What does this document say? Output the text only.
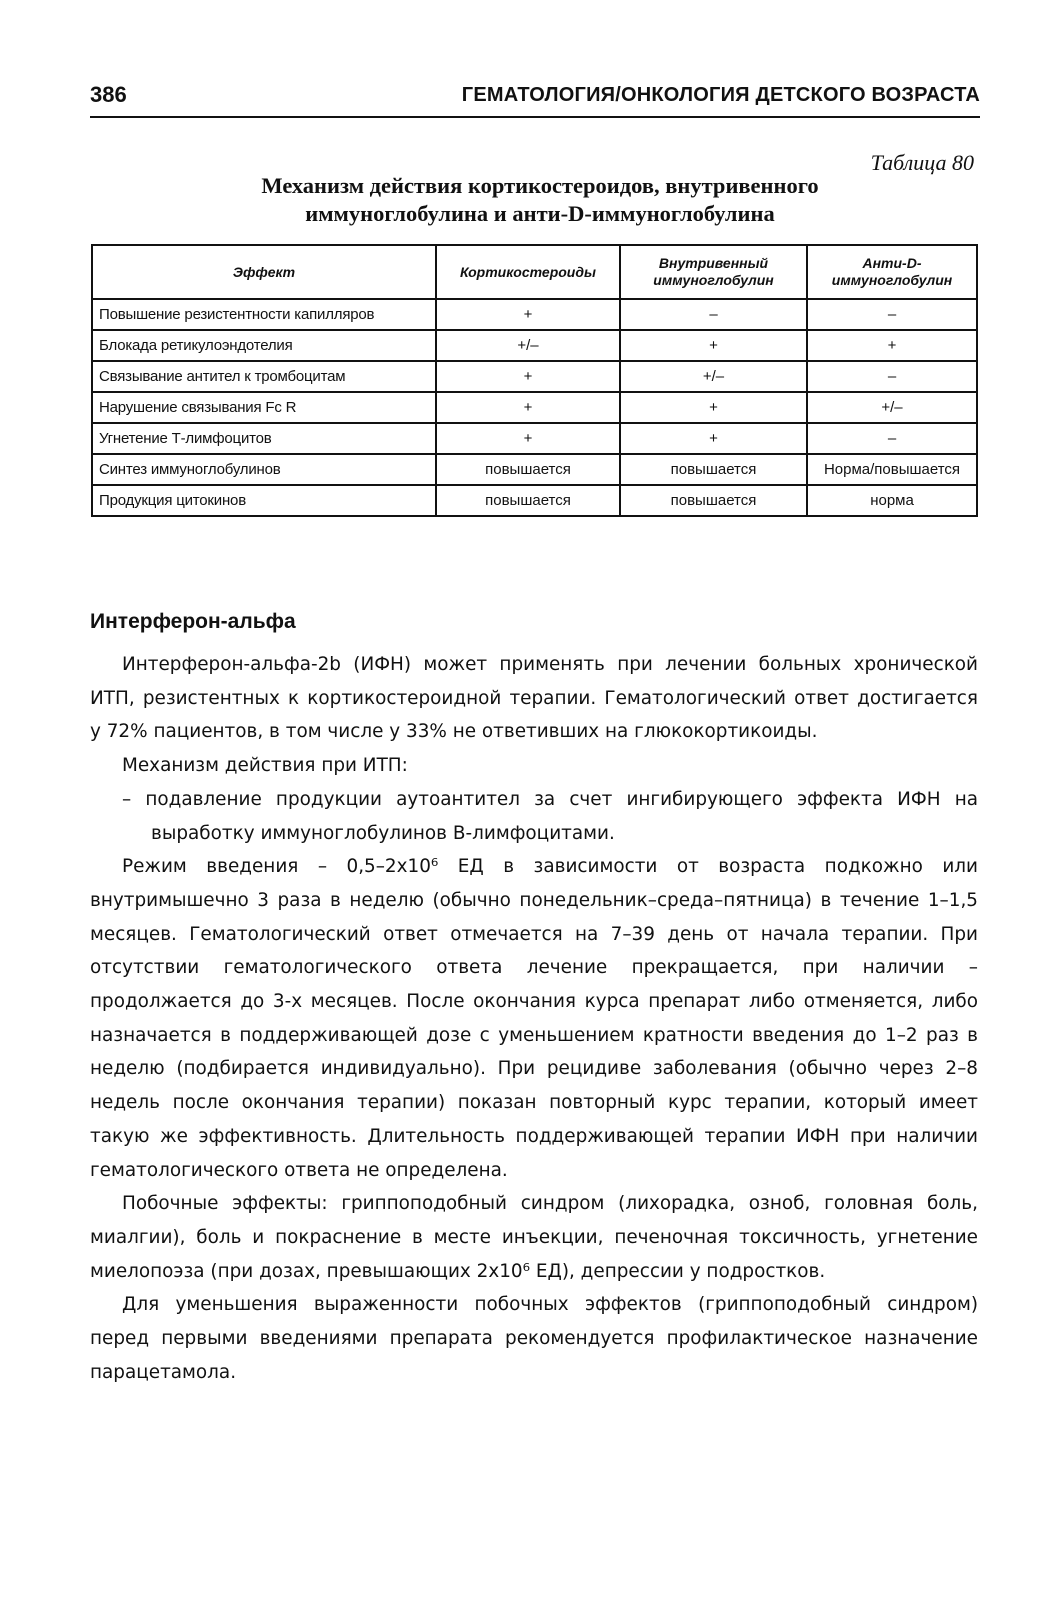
386	ГЕМАТОЛОГИЯ/ОНКОЛОГИЯ ДЕТСКОГО ВОЗРАСТА
Таблица 80
Механизм действия кортикостероидов, внутривенного
иммуноглобулина и анти-D-иммуноглобулина
Эффект	Кортикостероиды	Внутривенный иммуноглобулин	Анти-D-иммуноглобулин
Повышение резистентности капилляров	+	–	–
Блокада ретикулоэндотелия	+/–	+	+
Связывание антител к тромбоцитам	+	+/–	–
Нарушение связывания Fc R	+	+	+/–
Угнетение Т-лимфоцитов	+	+	–
Синтез иммуноглобулинов	повышается	повышается	Норма/повышается
Продукция цитокинов	повышается	повышается	норма
Интерферон-альфа

Интерферон-альфа-2b (ИФН) может применять при лечении больных хронической ИТП, резистентных к кортикостероидной терапии. Гематологический ответ достигается у 72% пациентов, в том числе у 33% не ответивших на глюкокортикоиды.

Механизм действия при ИТП:

– подавление продукции аутоантител за счет ингибирующего эффекта ИФН на выработку иммуноглобулинов В-лимфоцитами.

Режим введения – 0,5–2х10⁶ ЕД в зависимости от возраста подкожно или внутримышечно 3 раза в неделю (обычно понедельник–среда–пятница) в течение 1–1,5 месяцев. Гематологический ответ отмечается на 7–39 день от начала терапии. При отсутствии гематологического ответа лечение прекращается, при наличии – продолжается до 3-х месяцев. После окончания курса препарат либо отменяется, либо назначается в поддерживающей дозе с уменьшением кратности введения до 1–2 раз в неделю (подбирается индивидуально). При рецидиве заболевания (обычно через 2–8 недель после окончания терапии) показан повторный курс терапии, который имеет такую же эффективность. Длительность поддерживающей терапии ИФН при наличии гематологического ответа не определена.

Побочные эффекты: гриппоподобный синдром (лихорадка, озноб, головная боль, миалгии), боль и покраснение в месте инъекции, печеночная токсичность, угнетение миелопоэза (при дозах, превышающих 2х10⁶ ЕД), депрессии у подростков.

Для уменьшения выраженности побочных эффектов (гриппоподобный синдром) перед первыми введениями препарата рекомендуется профилактическое назначение парацетамола.
